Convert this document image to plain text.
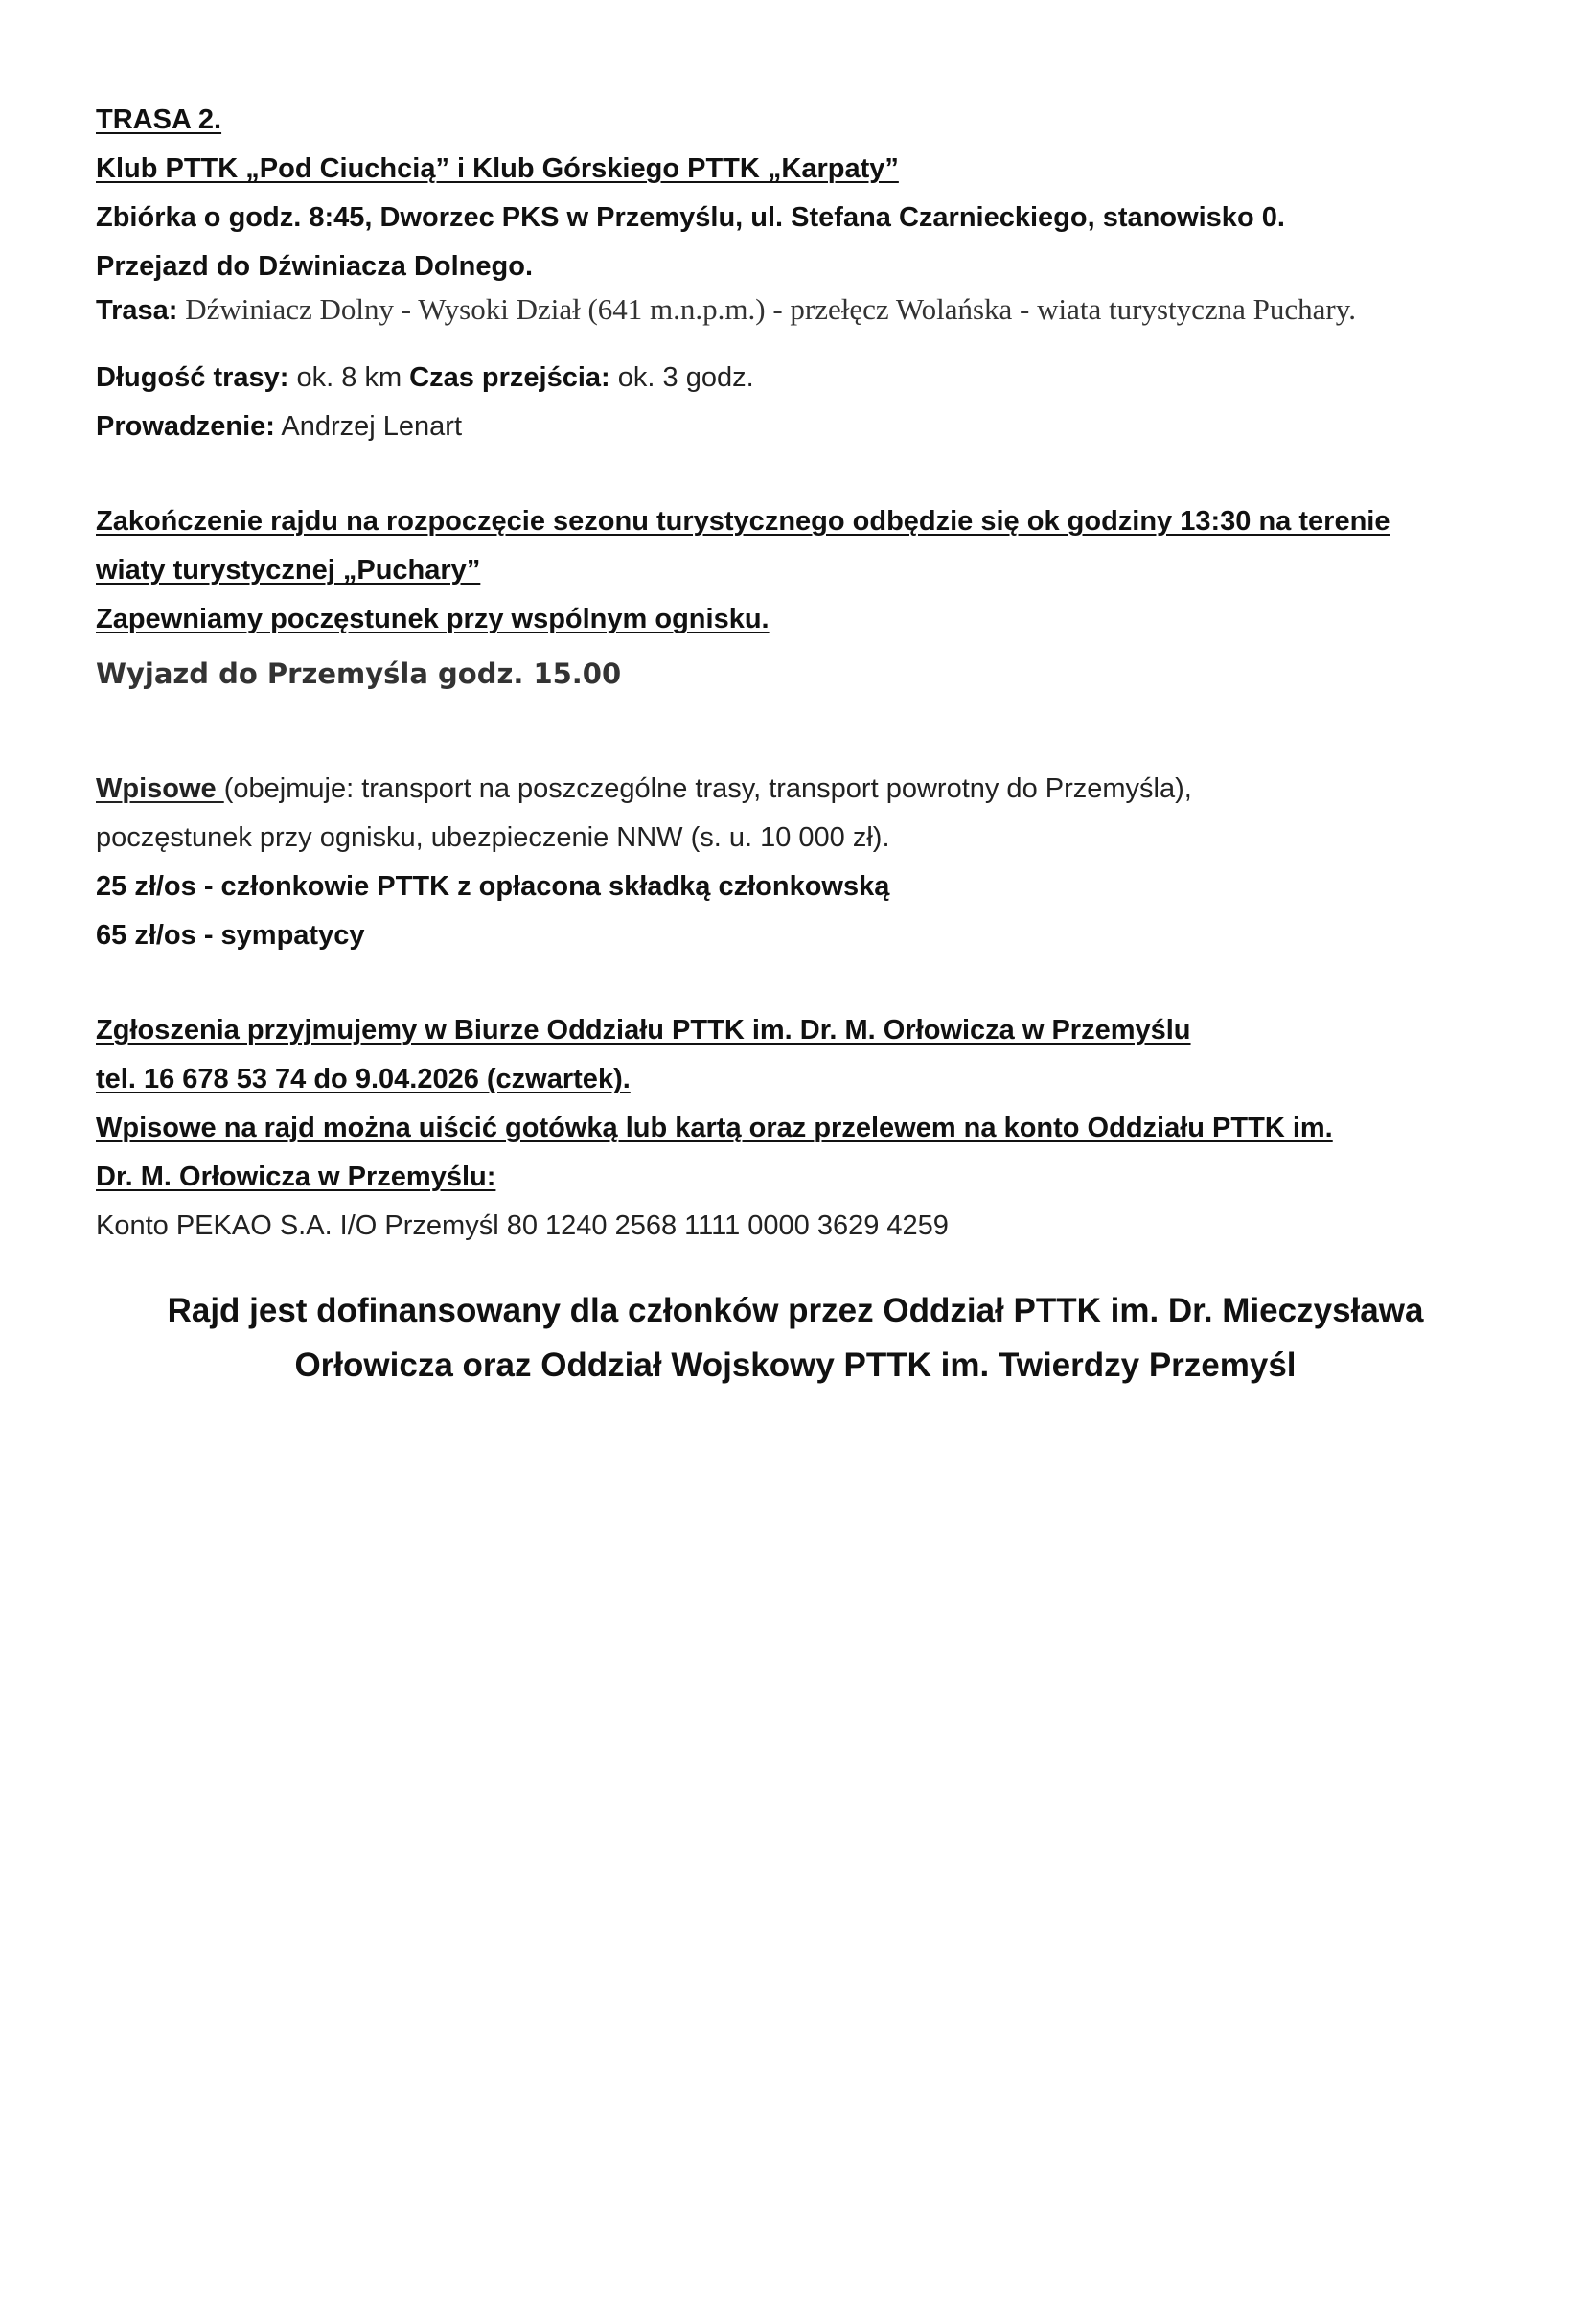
TRASA 2.
Klub PTTK „Pod Ciuchcią” i Klub Górskiego PTTK „Karpaty”
Zbiórka o godz. 8:45, Dworzec PKS w Przemyślu, ul. Stefana Czarnieckiego, stanowisko 0.
Przejazd do Dźwiniacza Dolnego.
Trasa: Dźwiniacz Dolny - Wysoki Dział (641 m.n.p.m.) - przełęcz Wolańska - wiata turystyczna Puchary.
Długość trasy: ok. 8 km Czas przejścia: ok. 3 godz.
Prowadzenie: Andrzej Lenart
Zakończenie rajdu na rozpoczęcie sezonu turystycznego odbędzie się ok godziny 13:30 na terenie
wiaty turystycznej „Puchary”
Zapewniamy poczęstunek przy wspólnym ognisku.
Wyjazd do Przemyśla godz. 15.00
Wpisowe (obejmuje: transport na poszczególne trasy, transport powrotny do Przemyśla),
poczęstunek przy ognisku, ubezpieczenie NNW (s. u. 10 000 zł).
25 zł/os - członkowie PTTK z opłacona składką członkowską
65 zł/os - sympatycy
Zgłoszenia przyjmujemy w Biurze Oddziału PTTK im. Dr. M. Orłowicza w Przemyślu
tel. 16 678 53 74 do 9.04.2026 (czwartek).
Wpisowe na rajd można uiścić gotówką lub kartą oraz przelewem na konto Oddziału PTTK im.
Dr. M. Orłowicza w Przemyślu:
Konto PEKAO S.A. I/O Przemyśl 80 1240 2568 1111 0000 3629 4259
Rajd jest dofinansowany dla członków przez Oddział PTTK im. Dr. Mieczysława
Orłowicza oraz Oddział Wojskowy PTTK im. Twierdzy Przemyśl
